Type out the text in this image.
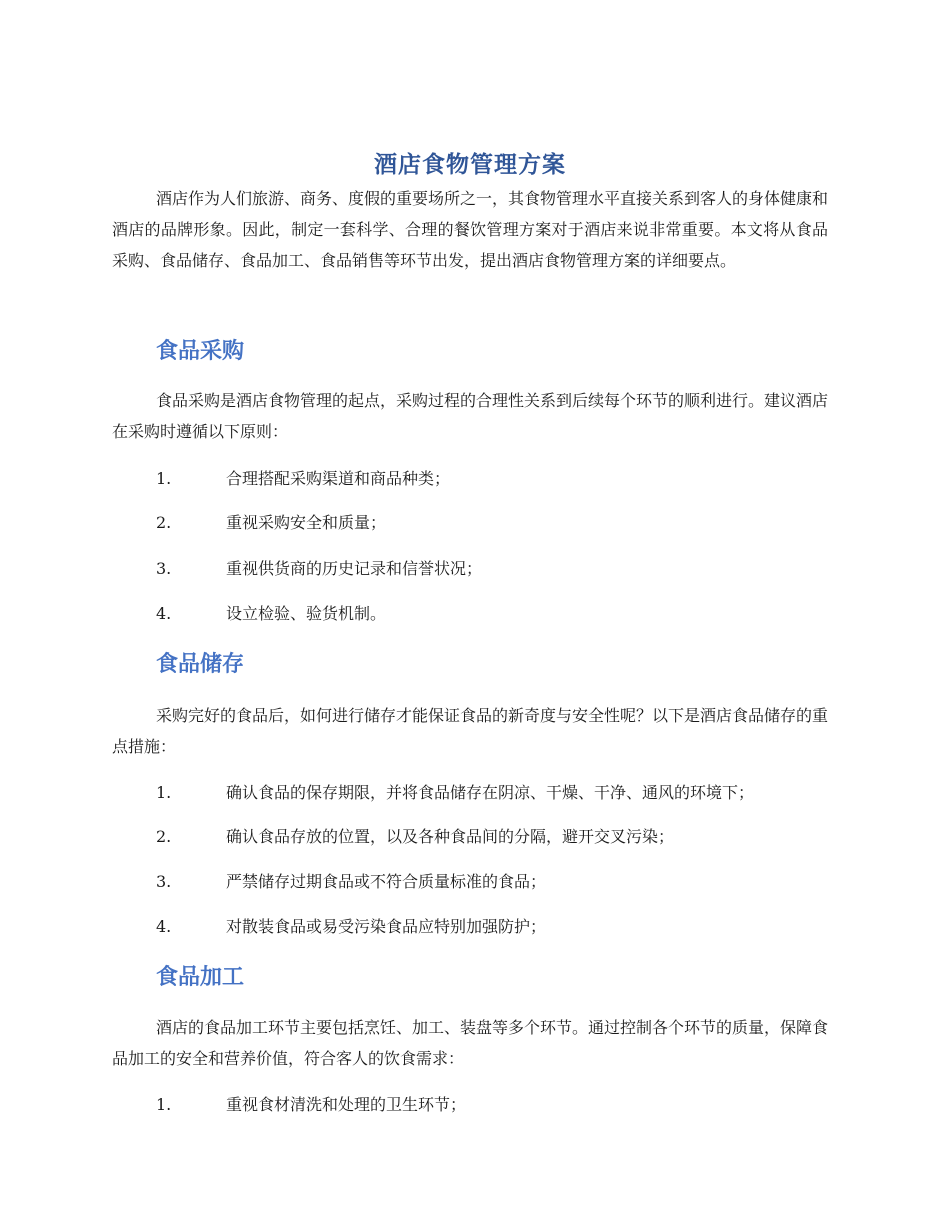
酒店食物管理方案

酒店作为人们旅游、商务、度假的重要场所之一，其食物管理水平直接关系到客人的身体健康和酒店的品牌形象。因此，制定一套科学、合理的餐饮管理方案对于酒店来说非常重要。本文将从食品采购、食品储存、食品加工、食品销售等环节出发，提出酒店食物管理方案的详细要点。

食品采购

食品采购是酒店食物管理的起点，采购过程的合理性关系到后续每个环节的顺利进行。建议酒店在采购时遵循以下原则：

1.	合理搭配采购渠道和商品种类；
2.	重视采购安全和质量；
3.	重视供货商的历史记录和信誉状况；
4.	设立检验、验货机制。
食品储存

采购完好的食品后，如何进行储存才能保证食品的新奇度与安全性呢？以下是酒店食品储存的重点措施：

1.	确认食品的保存期限，并将食品储存在阴凉、干燥、干净、通风的环境下；
2.	确认食品存放的位置，以及各种食品间的分隔，避开交叉污染；
3.	严禁储存过期食品或不符合质量标准的食品；
4.	对散装食品或易受污染食品应特别加强防护；
食品加工

酒店的食品加工环节主要包括烹饪、加工、装盘等多个环节。通过控制各个环节的质量，保障食品加工的安全和营养价值，符合客人的饮食需求：

1.	重视食材清洗和处理的卫生环节；
